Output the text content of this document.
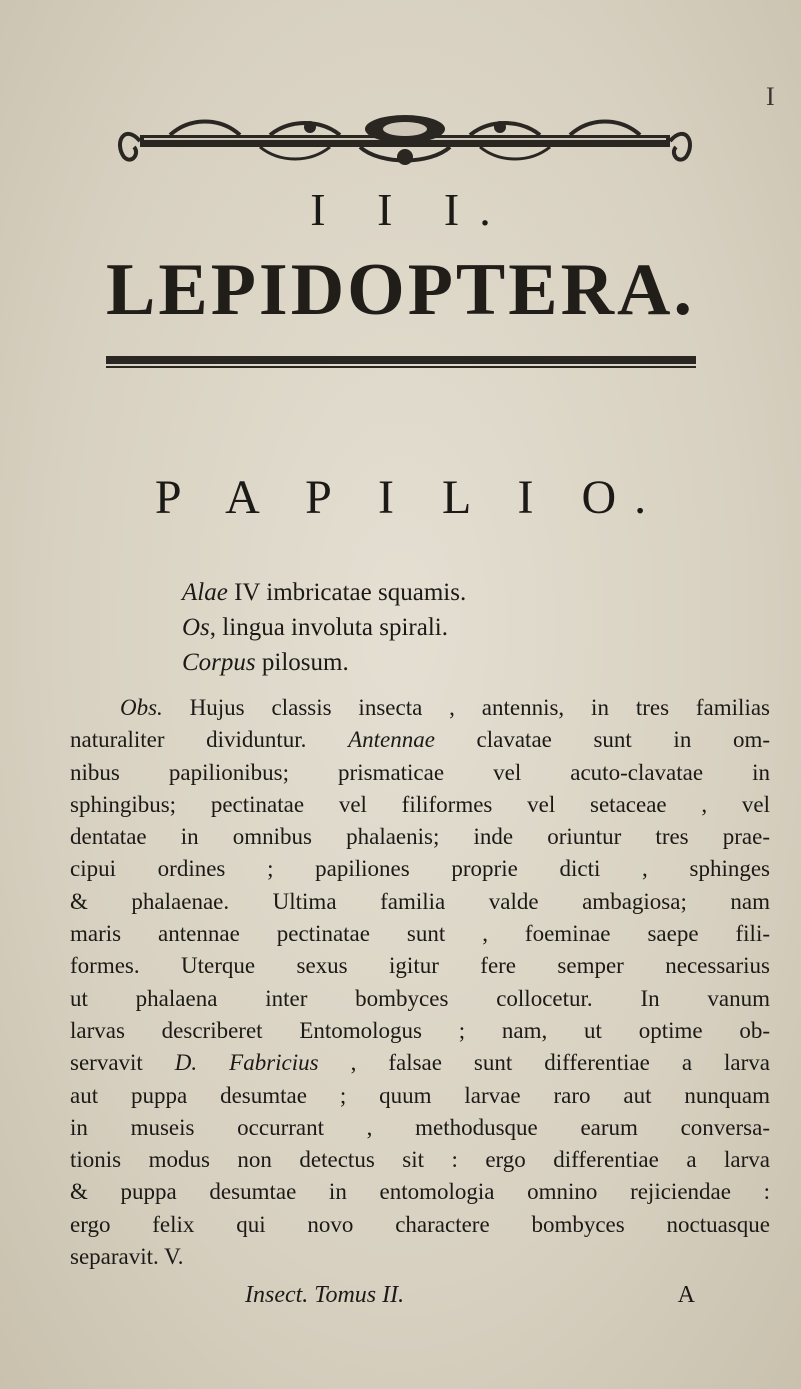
I
I I I.
LEPIDOPTERA.
P A P I L I O.
Alae IV imbricatae squamis.
Os, lingua involuta spirali.
Corpus pilosum.
Obs. Hujus classis insecta , antennis, in tres familias
naturaliter dividuntur. Antennae clavatae sunt in om-
nibus papilionibus; prismaticae vel acuto-clavatae in
sphingibus; pectinatae vel filiformes vel setaceae , vel
dentatae in omnibus phalaenis; inde oriuntur tres prae-
cipui ordines ; papiliones proprie dicti , sphinges
& phalaenae. Ultima familia valde ambagiosa; nam
maris antennae pectinatae sunt , foeminae saepe fili-
formes. Uterque sexus igitur fere semper necessarius
ut phalaena inter bombyces collocetur. In vanum
larvas describeret Entomologus ; nam, ut optime ob-
servavit D. Fabricius , falsae sunt differentiae a larva
aut puppa desumtae ; quum larvae raro aut nunquam
in museis occurrant , methodusque earum conversa-
tionis modus non detectus sit : ergo differentiae a larva
& puppa desumtae in entomologia omnino rejiciendae :
ergo felix qui novo charactere bombyces noctuasque
separavit. V.
Insect. Tomus II.	A
